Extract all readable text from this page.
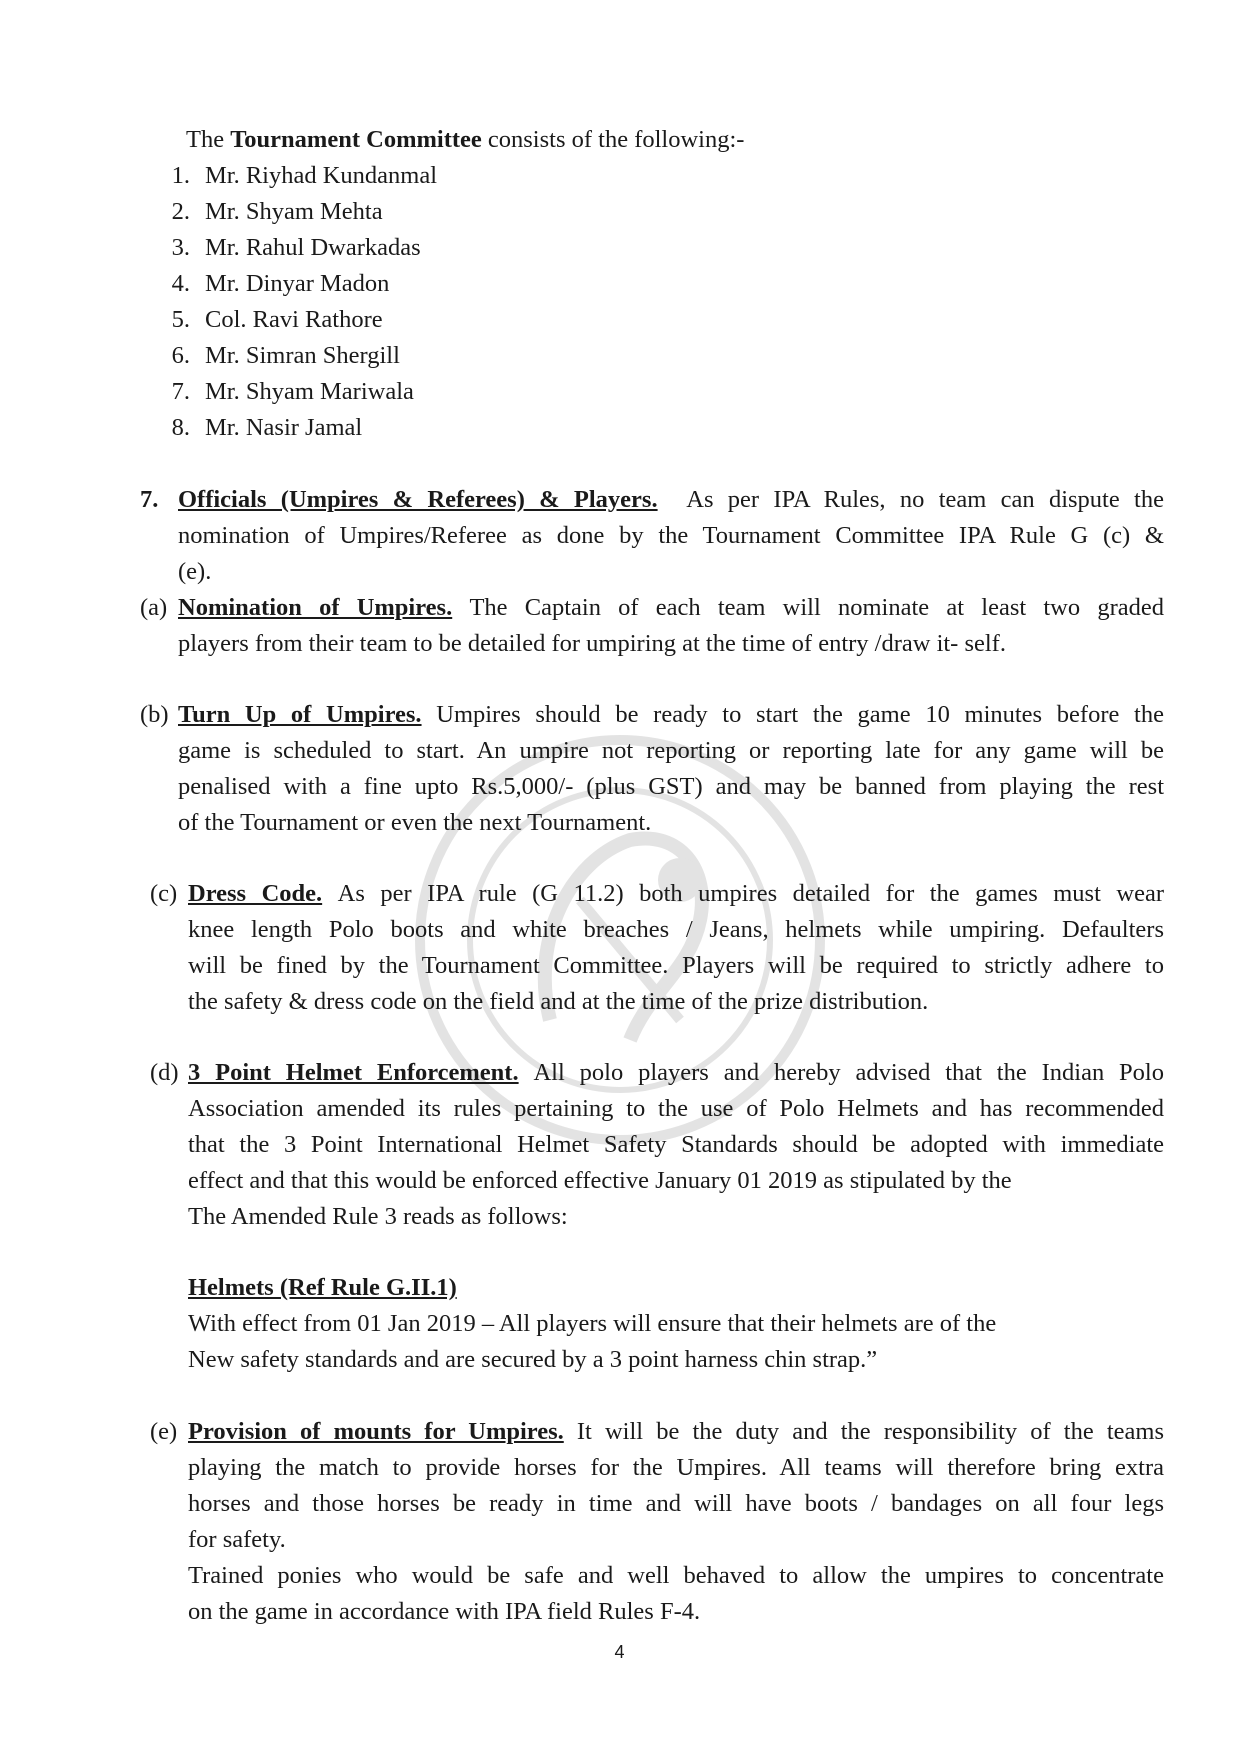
The Tournament Committee consists of the following:-
1. Mr. Riyhad Kundanmal
2. Mr. Shyam Mehta
3. Mr. Rahul Dwarkadas
4. Mr. Dinyar Madon
5. Col. Ravi Rathore
6. Mr. Simran Shergill
7. Mr. Shyam Mariwala
8. Mr. Nasir Jamal
7. Officials (Umpires & Referees) & Players. As per IPA Rules, no team can dispute the
nomination of Umpires/Referee as done by the Tournament Committee IPA Rule G (c) &
(e).
(a) Nomination of Umpires. The Captain of each team will nominate at least two graded
players from their team to be detailed for umpiring at the time of entry /draw it- self.
(b) Turn Up of Umpires. Umpires should be ready to start the game 10 minutes before the
game is scheduled to start. An umpire not reporting or reporting late for any game will be
penalised with a fine upto Rs.5,000/- (plus GST) and may be banned from playing the rest
of the Tournament or even the next Tournament.
(c) Dress Code. As per IPA rule (G 11.2) both umpires detailed for the games must wear
knee length Polo boots and white breaches / Jeans, helmets while umpiring. Defaulters
will be fined by the Tournament Committee. Players will be required to strictly adhere to
the safety & dress code on the field and at the time of the prize distribution.
(d) 3 Point Helmet Enforcement. All polo players and hereby advised that the Indian Polo
Association amended its rules pertaining to the use of Polo Helmets and has recommended
that the 3 Point International Helmet Safety Standards should be adopted with immediate
effect and that this would be enforced effective January 01 2019 as stipulated by the
The Amended Rule 3 reads as follows:
Helmets (Ref Rule G.II.1)
With effect from 01 Jan 2019 – All players will ensure that their helmets are of the
New safety standards and are secured by a 3 point harness chin strap.”
(e) Provision of mounts for Umpires. It will be the duty and the responsibility of the teams
playing the match to provide horses for the Umpires. All teams will therefore bring extra
horses and those horses be ready in time and will have boots / bandages on all four legs
for safety.
Trained ponies who would be safe and well behaved to allow the umpires to concentrate
on the game in accordance with IPA field Rules F-4.
4
